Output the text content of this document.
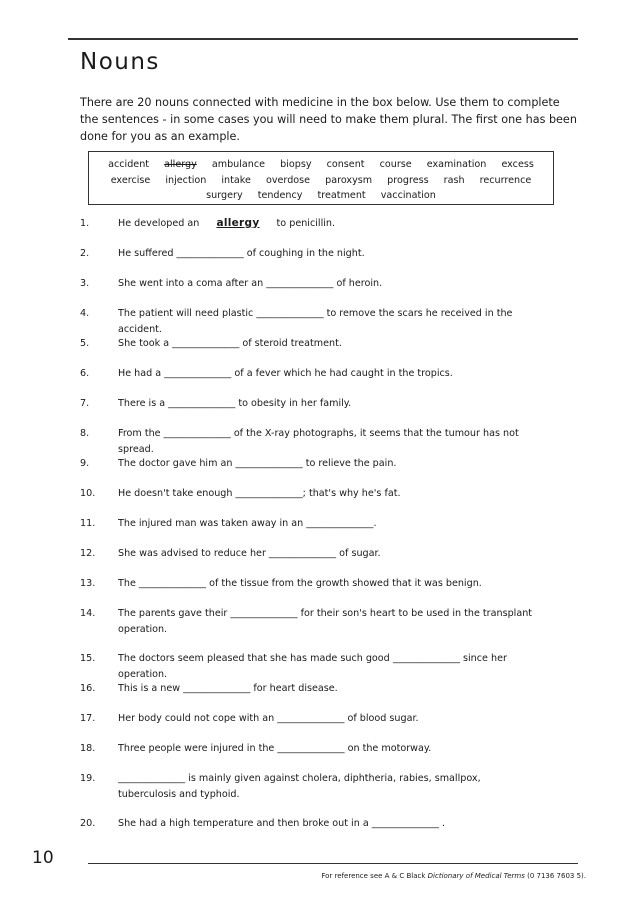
Nouns
There are 20 nouns connected with medicine in the box below. Use them to complete the sentences - in some cases you will need to make them plural. The first one has been done for you as an example.
accident allergy ambulance biopsy consent course examination excess
exercise injection intake overdose paroxysm progress rash recurrence
surgery tendency treatment vaccination
1.	He developed an allergy to penicillin.
2.	He suffered ______________ of coughing in the night.
3.	She went into a coma after an ______________ of heroin.
4.	The patient will need plastic ______________ to remove the scars he received in the accident.
5.	She took a ______________ of steroid treatment.
6.	He had a ______________ of a fever which he had caught in the tropics.
7.	There is a ______________ to obesity in her family.
8.	From the ______________ of the X-ray photographs, it seems that the tumour has not spread.
9.	The doctor gave him an ______________ to relieve the pain.
10.	He doesn't take enough ______________; that's why he's fat.
11.	The injured man was taken away in an ______________.
12.	She was advised to reduce her ______________ of sugar.
13.	The ______________ of the tissue from the growth showed that it was benign.
14.	The parents gave their ______________ for their son's heart to be used in the transplant operation.
15.	The doctors seem pleased that she has made such good ______________ since her operation.
16.	This is a new ______________ for heart disease.
17.	Her body could not cope with an ______________ of blood sugar.
18.	Three people were injured in the ______________ on the motorway.
19.	______________ is mainly given against cholera, diphtheria, rabies, smallpox, tuberculosis and typhoid.
20.	She had a high temperature and then broke out in a ______________ .
10
For reference see A & C Black Dictionary of Medical Terms (0 7136 7603 5).
